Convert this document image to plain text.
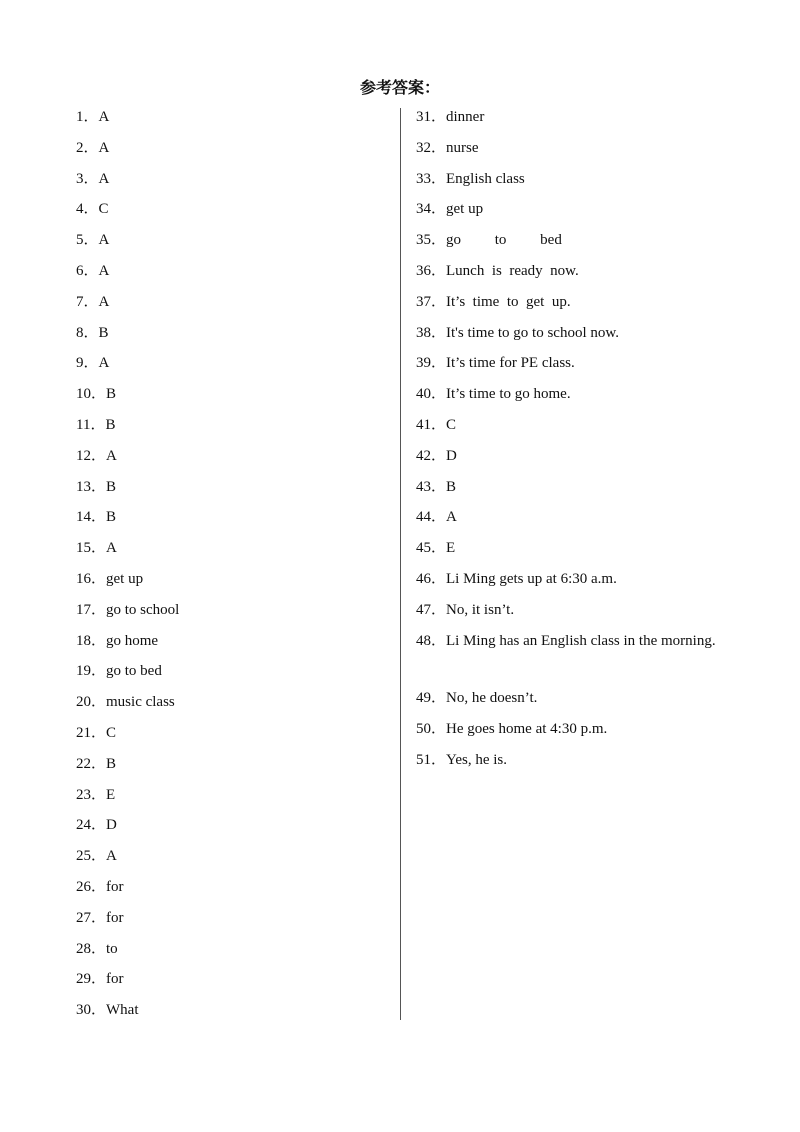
参考答案：
1．A
2．A
3．A
4．C
5．A
6．A
7．A
8．B
9．A
10．B
11．B
12．A
13．B
14．B
15．A
16．get up
17．go to school
18．go home
19．go to bed
20．music class
21．C
22．B
23．E
24．D
25．A
26．for
27．for
28．to
29．for
30．What
31．dinner
32．nurse
33．English class
34．get up
35．go         to         bed
36．Lunch  is  ready  now.
37．It’s  time  to  get  up.
38．It's time to go to school now.
39．It’s time for PE class.
40．It’s time to go home.
41．C
42．D
43．B
44．A
45．E
46．Li Ming gets up at 6:30 a.m.
47．No, it isn’t.
48．Li Ming has an English class in the morning.
49．No, he doesn’t.
50．He goes home at 4:30 p.m.
51．Yes, he is.
